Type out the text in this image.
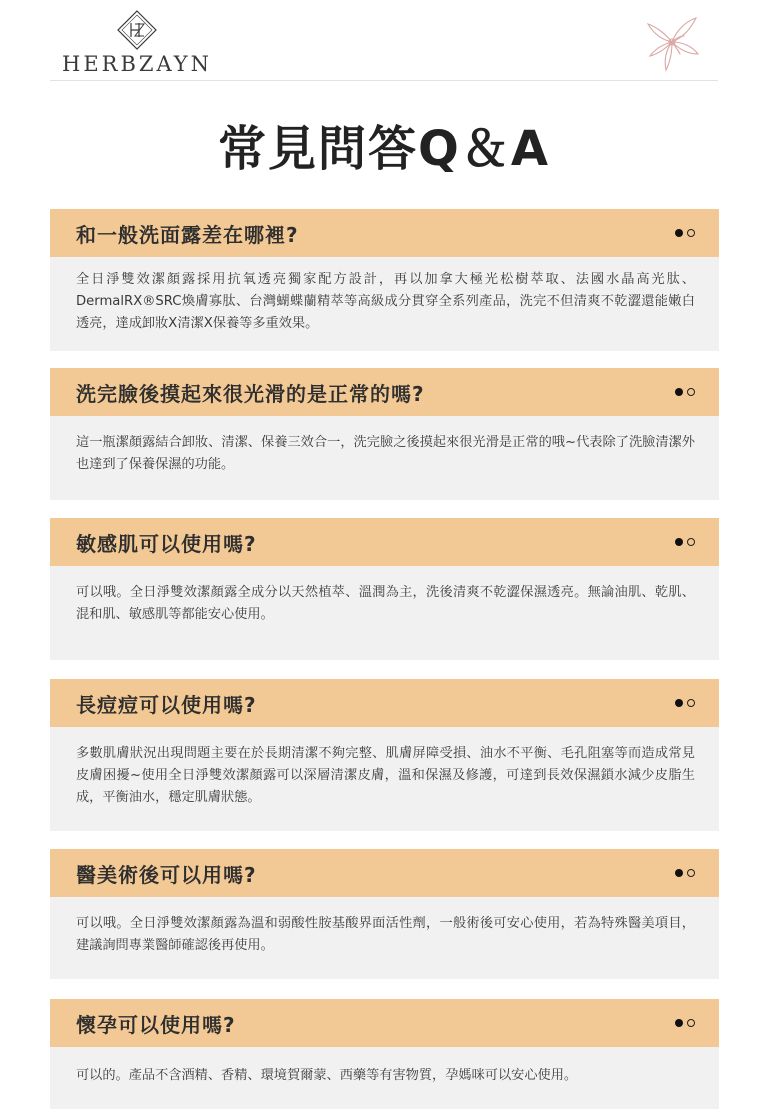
HERBZAYN
常見問答Q＆A
和一般洗面露差在哪裡?
全日淨雙效潔顏露採用抗氧透亮獨家配方設計，再以加拿大極光松樹萃取、法國水晶高光肽、DermalRX®SRC煥膚寡肽、台灣蝴蝶蘭精萃等高級成分貫穿全系列產品，洗完不但清爽不乾澀還能嫩白透亮，達成卸妝X清潔X保養等多重效果。
洗完臉後摸起來很光滑的是正常的嗎?
這一瓶潔顏露結合卸妝、清潔、保養三效合一，洗完臉之後摸起來很光滑是正常的哦~代表除了洗臉清潔外也達到了保養保濕的功能。
敏感肌可以使用嗎?
可以哦。全日淨雙效潔顏露全成分以天然植萃、溫潤為主，洗後清爽不乾澀保濕透亮。無論油肌、乾肌、混和肌、敏感肌等都能安心使用。
長痘痘可以使用嗎?
多數肌膚狀況出現問題主要在於長期清潔不夠完整、肌膚屏障受損、油水不平衡、毛孔阻塞等而造成常見皮膚困擾~使用全日淨雙效潔顏露可以深層清潔皮膚，溫和保濕及修護，可達到長效保濕鎖水減少皮脂生成，平衡油水，穩定肌膚狀態。
醫美術後可以用嗎?
可以哦。全日淨雙效潔顏露為溫和弱酸性胺基酸界面活性劑，一般術後可安心使用，若為特殊醫美項目，建議詢問專業醫師確認後再使用。
懷孕可以使用嗎?
可以的。產品不含酒精、香精、環境賀爾蒙、西藥等有害物質，孕媽咪可以安心使用。
